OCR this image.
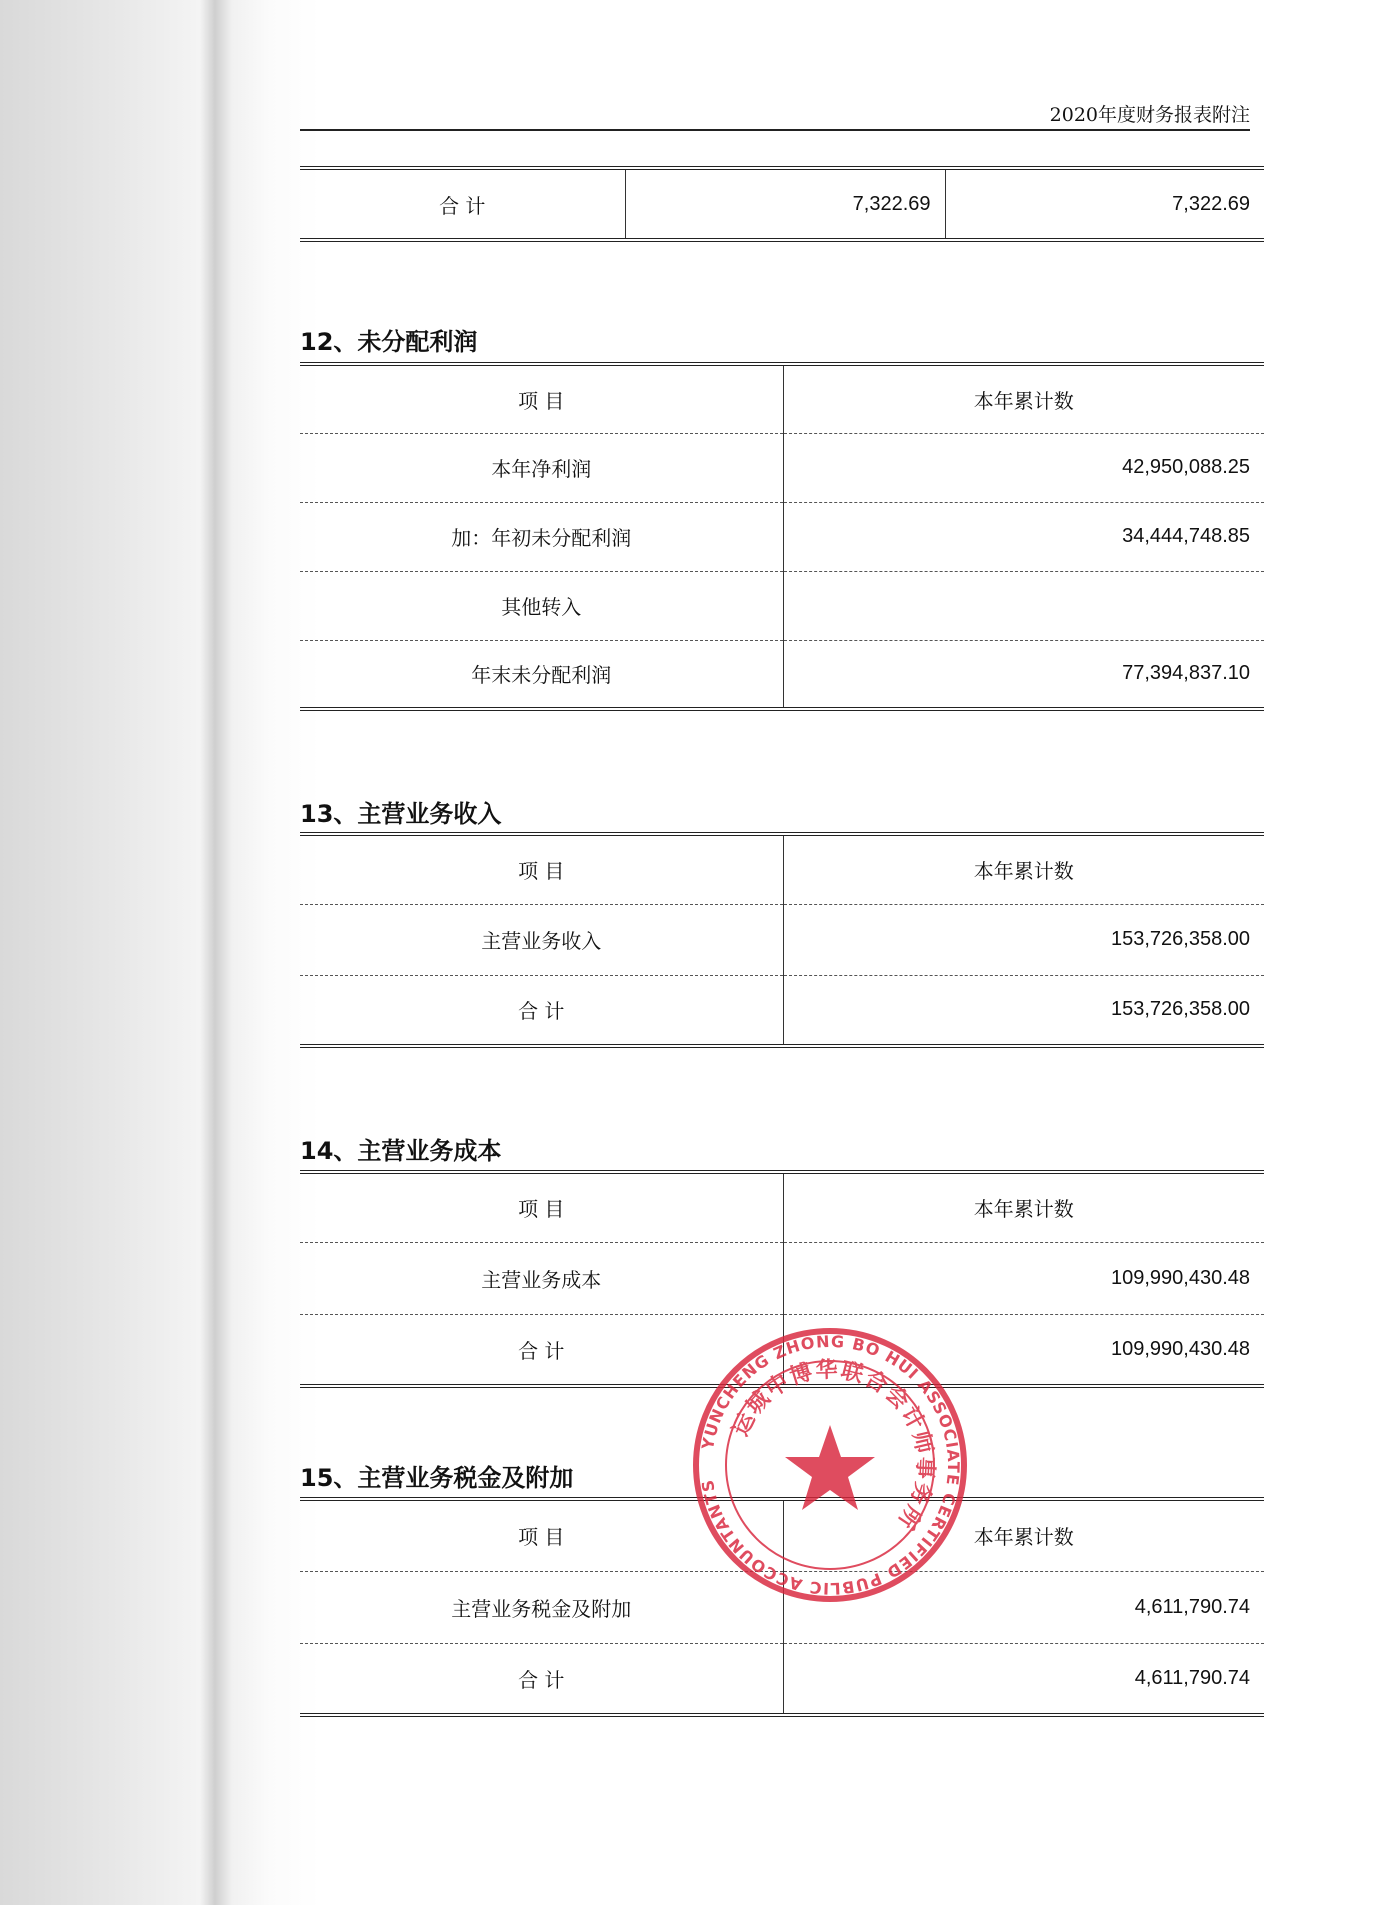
2020年度财务报表附注
合 计	7,322.69	7,322.69
12、未分配利润
项 目	本年累计数
本年净利润	42,950,088.25
加：年初未分配利润	34,444,748.85
其他转入	
年末未分配利润	77,394,837.10
13、主营业务收入
项 目	本年累计数
主营业务收入	153,726,358.00
合 计	153,726,358.00
14、主营业务成本
项 目	本年累计数
主营业务成本	109,990,430.48
合 计	109,990,430.48
15、主营业务税金及附加
项 目	本年累计数
主营业务税金及附加	4,611,790.74
合 计	4,611,790.74
YUNCHENG ZHONG BO HUI ASSOCIATE CERTIFIED PUBLIC ACCOUNTANTS
运城中博华联合会计师事务所
